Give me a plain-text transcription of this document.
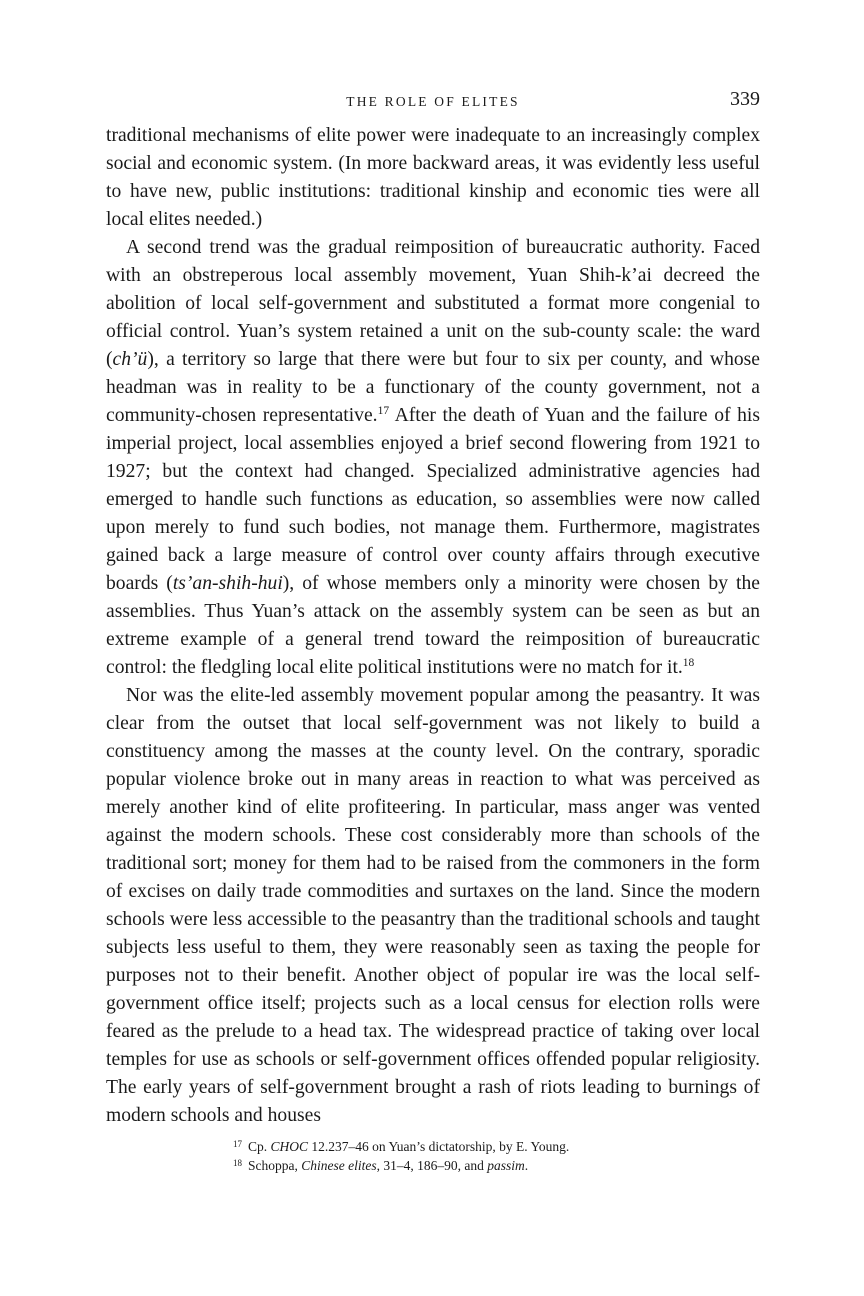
THE ROLE OF ELITES	339

traditional mechanisms of elite power were inadequate to an increasingly complex social and economic system. (In more backward areas, it was evidently less useful to have new, public institutions: traditional kinship and economic ties were all local elites needed.)

A second trend was the gradual reimposition of bureaucratic authority. Faced with an obstreperous local assembly movement, Yuan Shih-k’ai decreed the abolition of local self-government and substituted a format more congenial to official control. Yuan’s system retained a unit on the sub-county scale: the ward (ch’ü), a territory so large that there were but four to six per county, and whose headman was in reality to be a functionary of the county government, not a community-chosen representative.$^{17}$ After the death of Yuan and the failure of his imperial project, local assemblies enjoyed a brief second flowering from 1921 to 1927; but the context had changed. Specialized administrative agencies had emerged to handle such functions as education, so assemblies were now called upon merely to fund such bodies, not manage them. Furthermore, magistrates gained back a large measure of control over county affairs through executive boards (ts’an-shih-hui), of whose members only a minority were chosen by the assemblies. Thus Yuan’s attack on the assembly system can be seen as but an extreme example of a general trend toward the reimposition of bureaucratic control: the fledgling local elite political institutions were no match for it.$^{18}$

Nor was the elite-led assembly movement popular among the peasantry. It was clear from the outset that local self-government was not likely to build a constituency among the masses at the county level. On the contrary, sporadic popular violence broke out in many areas in reaction to what was perceived as merely another kind of elite profiteering. In particular, mass anger was vented against the modern schools. These cost considerably more than schools of the traditional sort; money for them had to be raised from the commoners in the form of excises on daily trade commodities and surtaxes on the land. Since the modern schools were less accessible to the peasantry than the traditional schools and taught subjects less useful to them, they were reasonably seen as taxing the people for purposes not to their benefit. Another object of popular ire was the local self-government office itself; projects such as a local census for election rolls were feared as the prelude to a head tax. The widespread practice of taking over local temples for use as schools or self-government offices offended popular religiosity. The early years of self-government brought a rash of riots leading to burnings of modern schools and houses

$^{17}$ Cp. CHOC 12.237–46 on Yuan’s dictatorship, by E. Young.

$^{18}$ Schoppa, Chinese elites, 31–4, 186–90, and passim.
